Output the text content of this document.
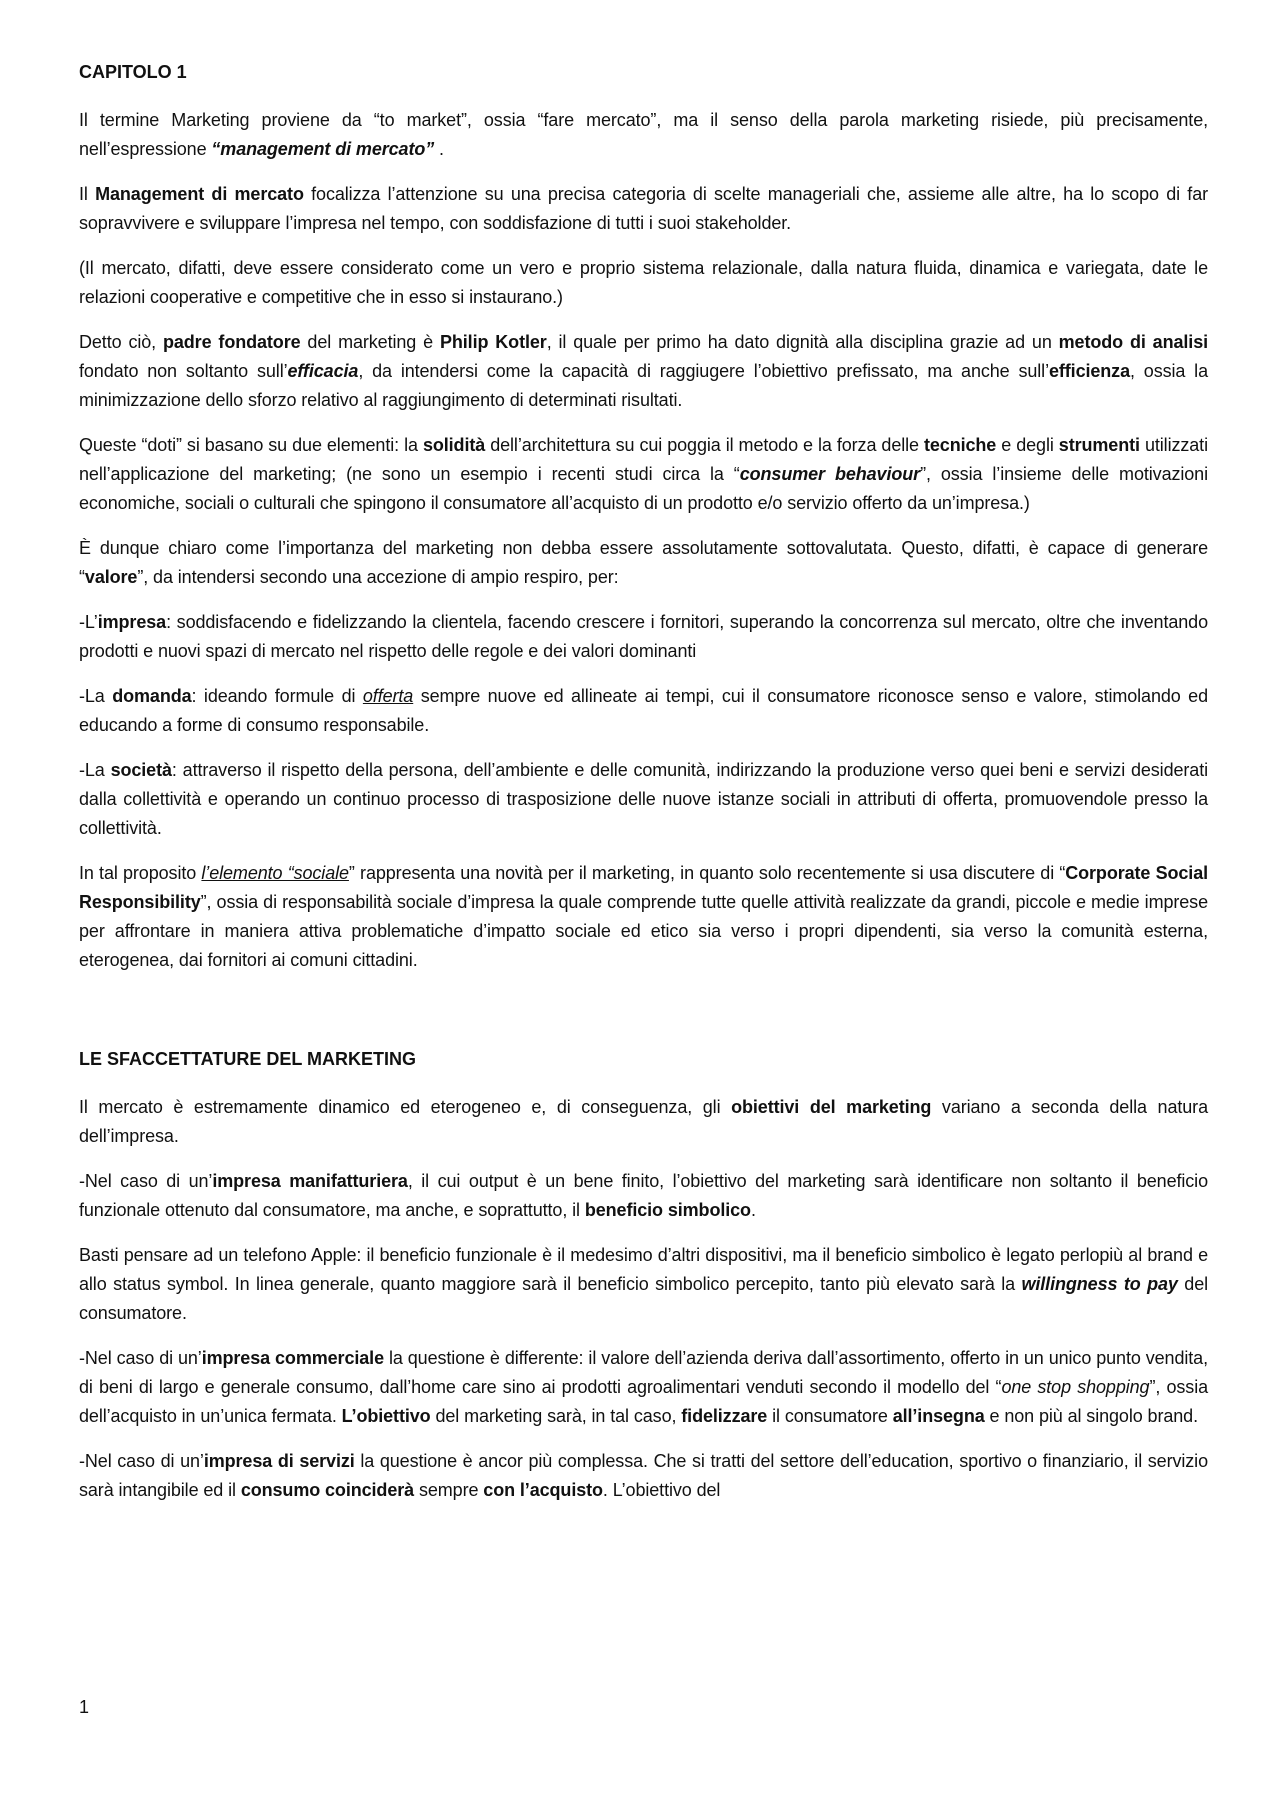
CAPITOLO 1
Il termine Marketing proviene da “to market”, ossia “fare mercato”, ma il senso della parola marketing risiede, più precisamente, nell’espressione “management di mercato” .
Il Management di mercato focalizza l’attenzione su una precisa categoria di scelte manageriali che, assieme alle altre, ha lo scopo di far sopravvivere e sviluppare l’impresa nel tempo, con soddisfazione di tutti i suoi stakeholder.
(Il mercato, difatti, deve essere considerato come un vero e proprio sistema relazionale, dalla natura fluida, dinamica e variegata, date le relazioni cooperative e competitive che in esso si instaurano.)
Detto ciò, padre fondatore del marketing è Philip Kotler, il quale per primo ha dato dignità alla disciplina grazie ad un metodo di analisi fondato non soltanto sull’efficacia, da intendersi come la capacità di raggiugere l’obiettivo prefissato, ma anche sull’efficienza, ossia la minimizzazione dello sforzo relativo al raggiungimento di determinati risultati.
Queste “doti” si basano su due elementi: la solidità dell’architettura su cui poggia il metodo e la forza delle tecniche e degli strumenti utilizzati nell’applicazione del marketing; (ne sono un esempio i recenti studi circa la “consumer behaviour”, ossia l’insieme delle motivazioni economiche, sociali o culturali che spingono il consumatore all’acquisto di un prodotto e/o servizio offerto da un’impresa.)
È dunque chiaro come l’importanza del marketing non debba essere assolutamente sottovalutata. Questo, difatti, è capace di generare “valore”, da intendersi secondo una accezione di ampio respiro, per:
-L’impresa: soddisfacendo e fidelizzando la clientela, facendo crescere i fornitori, superando la concorrenza sul mercato, oltre che inventando prodotti e nuovi spazi di mercato nel rispetto delle regole e dei valori dominanti
-La domanda: ideando formule di offerta sempre nuove ed allineate ai tempi, cui il consumatore riconosce senso e valore, stimolando ed educando a forme di consumo responsabile.
-La società: attraverso il rispetto della persona, dell’ambiente e delle comunità, indirizzando la produzione verso quei beni e servizi desiderati dalla collettività e operando un continuo processo di trasposizione delle nuove istanze sociali in attributi di offerta, promuovendole presso la collettività.
In tal proposito l’elemento “sociale” rappresenta una novità per il marketing, in quanto solo recentemente si usa discutere di “Corporate Social Responsibility”, ossia di responsabilità sociale d’impresa la quale comprende tutte quelle attività realizzate da grandi, piccole e medie imprese per affrontare in maniera attiva problematiche d’impatto sociale ed etico sia verso i propri dipendenti, sia verso la comunità esterna, eterogenea, dai fornitori ai comuni cittadini.
LE SFACCETTATURE DEL MARKETING
Il mercato è estremamente dinamico ed eterogeneo e, di conseguenza, gli obiettivi del marketing variano a seconda della natura dell’impresa.
-Nel caso di un’impresa manifatturiera, il cui output è un bene finito, l’obiettivo del marketing sarà identificare non soltanto il beneficio funzionale ottenuto dal consumatore, ma anche, e soprattutto, il beneficio simbolico.
Basti pensare ad un telefono Apple: il beneficio funzionale è il medesimo d’altri dispositivi, ma il beneficio simbolico è legato perlopiù al brand e allo status symbol. In linea generale, quanto maggiore sarà il beneficio simbolico percepito, tanto più elevato sarà la willingness to pay del consumatore.
-Nel caso di un’impresa commerciale la questione è differente: il valore dell’azienda deriva dall’assortimento, offerto in un unico punto vendita, di beni di largo e generale consumo, dall’home care sino ai prodotti agroalimentari venduti secondo il modello del “one stop shopping”, ossia dell’acquisto in un’unica fermata. L’obiettivo del marketing sarà, in tal caso, fidelizzare il consumatore all’insegna e non più al singolo brand.
-Nel caso di un’impresa di servizi la questione è ancor più complessa. Che si tratti del settore dell’education, sportivo o finanziario, il servizio sarà intangibile ed il consumo coinciderà sempre con l’acquisto. L’obiettivo del
1
